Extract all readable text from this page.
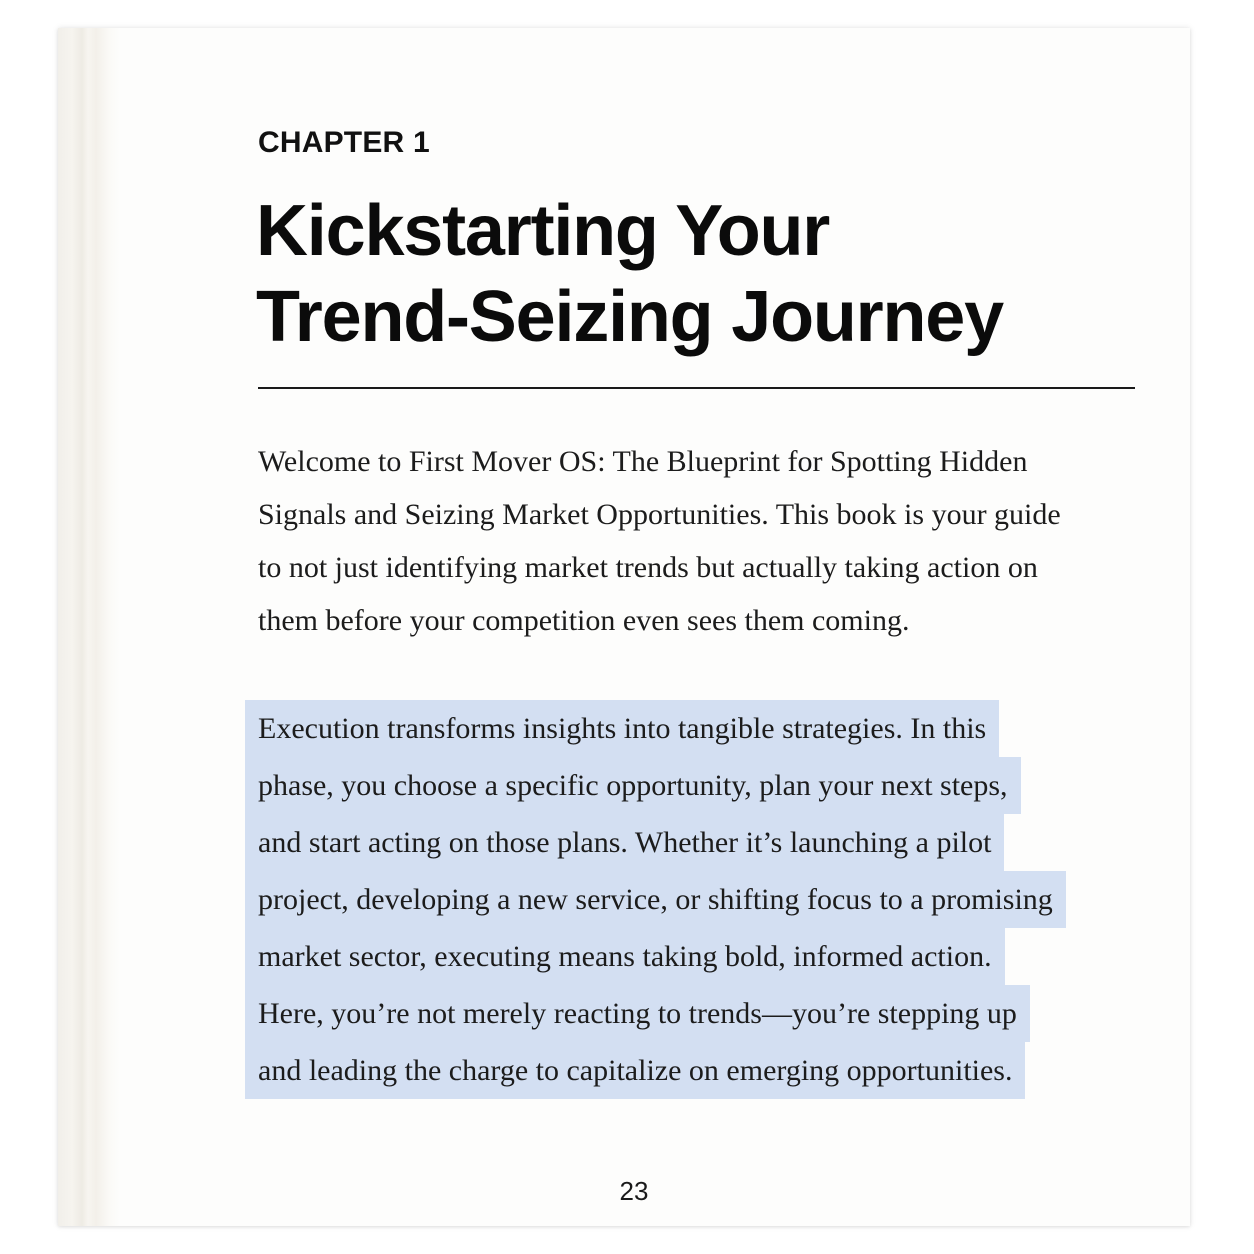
CHAPTER 1

Kickstarting Your
Trend-Seizing Journey

Welcome to First Mover OS: The Blueprint for Spotting Hidden
Signals and Seizing Market Opportunities. This book is your guide
to not just identifying market trends but actually taking action on
them before your competition even sees them coming.

Execution transforms insights into tangible strategies. In this
phase, you choose a specific opportunity, plan your next steps,
and start acting on those plans. Whether it’s launching a pilot
project, developing a new service, or shifting focus to a promising
market sector, executing means taking bold, informed action.
Here, you’re not merely reacting to trends—you’re stepping up
and leading the charge to capitalize on emerging opportunities.

23
